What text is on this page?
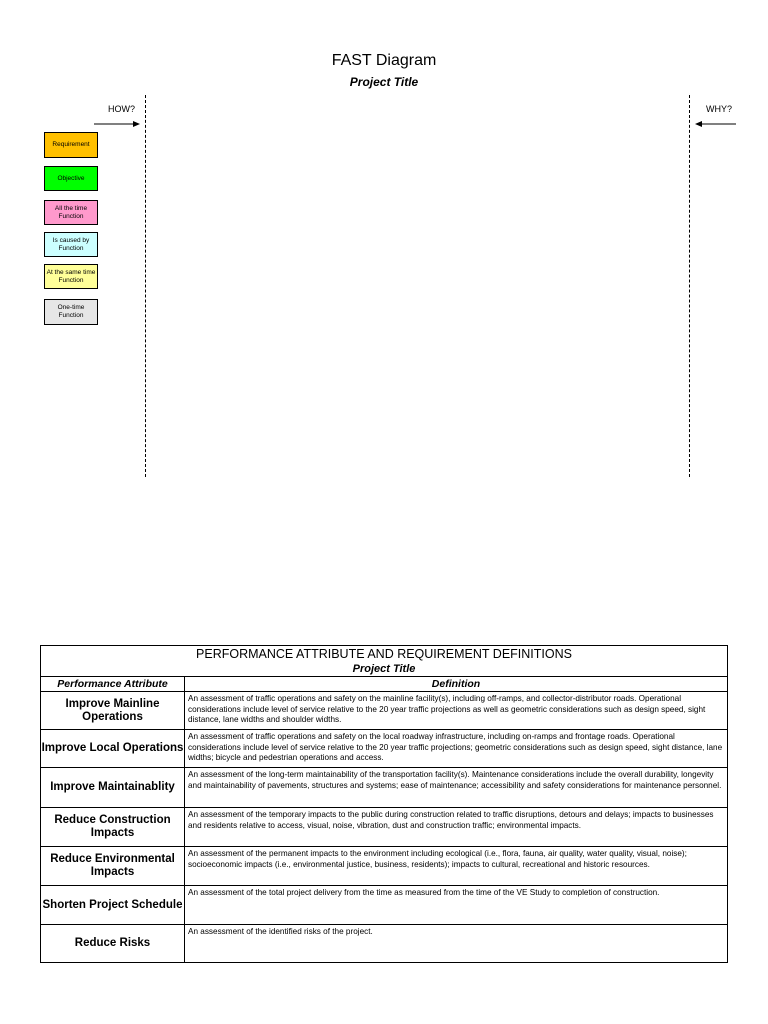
FAST Diagram
Project Title
HOW?	WHY?
Requirement
Objective
All the time Function
Is caused by Function
At the same time Function
One-time Function
PERFORMANCE ATTRIBUTE AND REQUIREMENT DEFINITIONS
Project Title	

Performance Attribute	Definition
Improve Mainline Operations	An assessment of traffic operations and safety on the mainline facility(s), including off-ramps, and collector-distributor roads. Operational considerations include level of service relative to the 20 year traffic projections as well as geometric considerations such as design speed, sight distance, lane widths and shoulder widths.
Improve Local Operations	An assessment of traffic operations and safety on the local roadway infrastructure, including on-ramps and frontage roads. Operational considerations include level of service relative to the 20 year traffic projections; geometric considerations such as design speed, sight distance, lane widths; bicycle and pedestrian operations and access.
Improve Maintainablity	An assessment of the long-term maintainability of the transportation facility(s). Maintenance considerations include the overall durability, longevity and maintainability of pavements, structures and systems; ease of maintenance; accessibility and safety considerations for maintenance personnel.
Reduce Construction Impacts	An assessment of the temporary impacts to the public during construction related to traffic disruptions, detours and delays; impacts to businesses and residents relative to access, visual, noise, vibration, dust and construction traffic; environmental impacts.
Reduce Environmental Impacts	An assessment of the permanent impacts to the environment including ecological (i.e., flora, fauna, air quality, water quality, visual, noise); socioeconomic impacts (i.e., environmental justice, business, residents); impacts to cultural, recreational and historic resources.
Shorten Project Schedule	An assessment of the total project delivery from the time as measured from the time of the VE Study to completion of construction.
Reduce Risks	An assessment of the identified risks of the project.
